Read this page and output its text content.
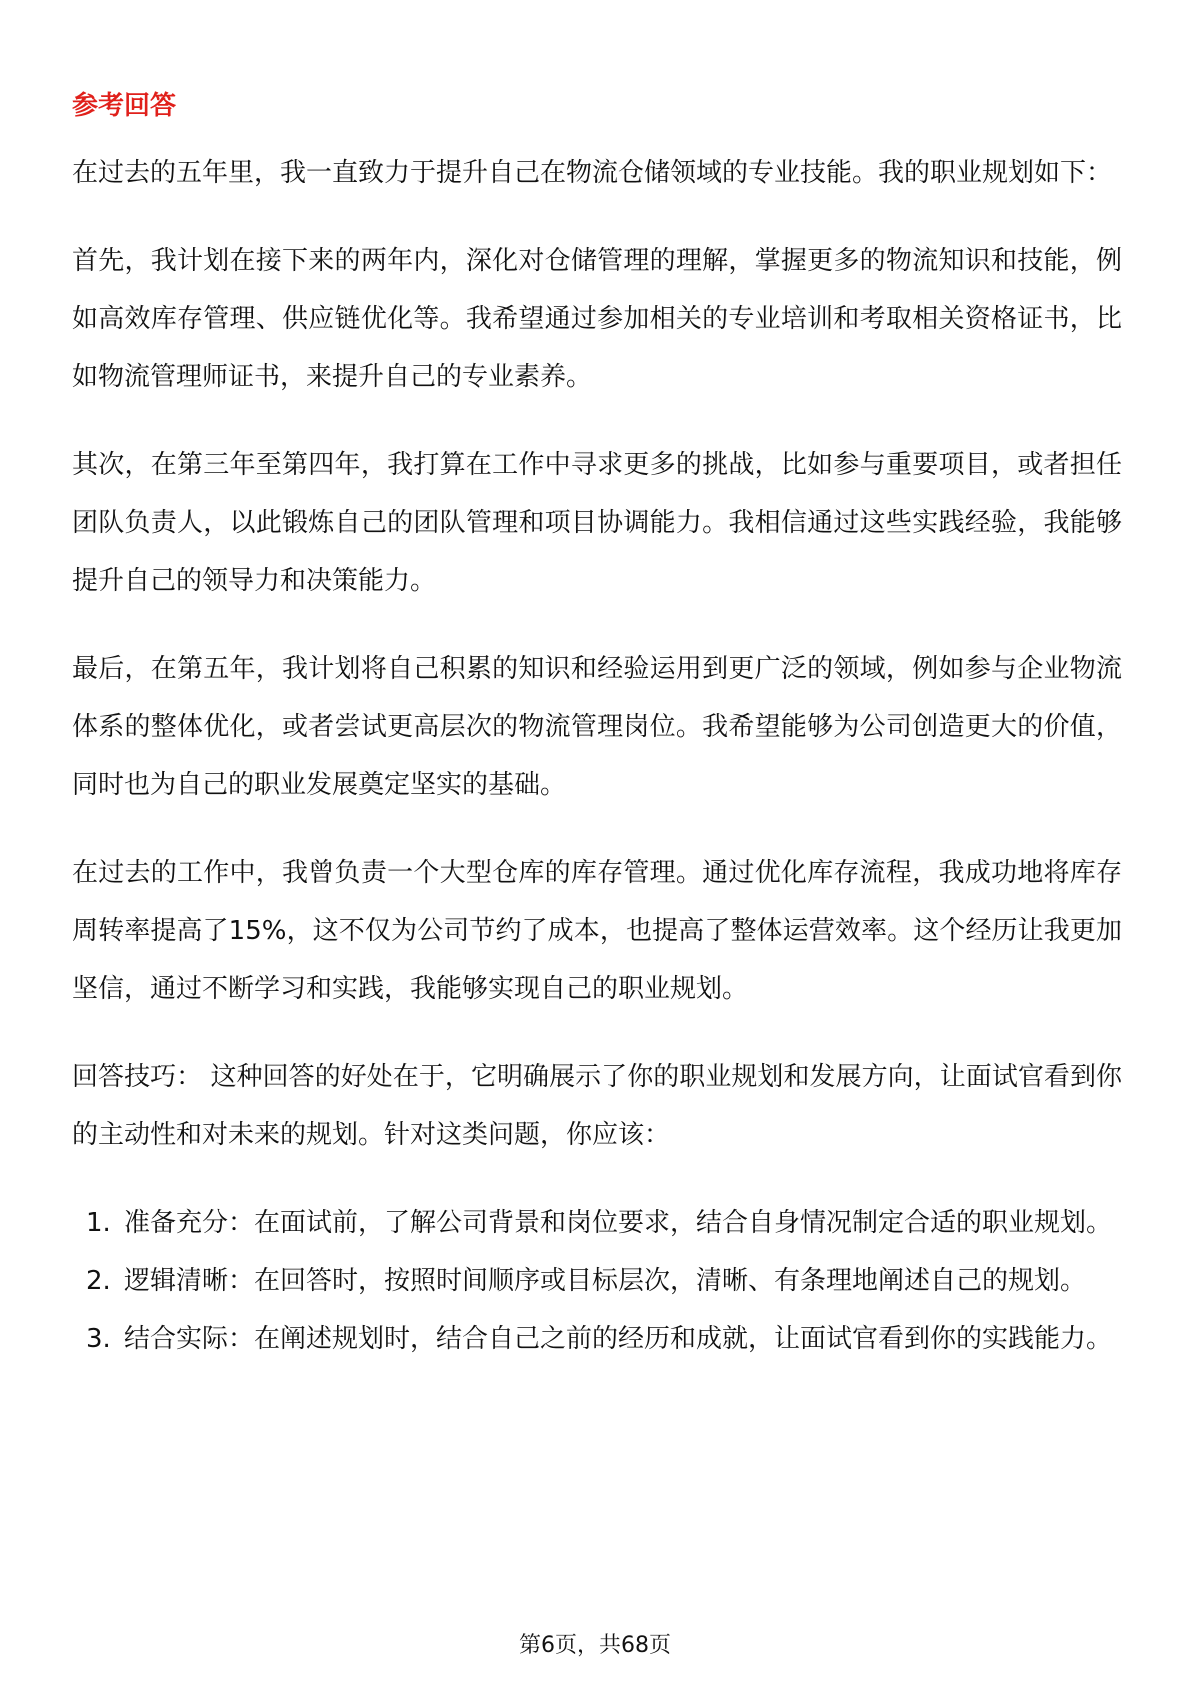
参考回答

在过去的五年里，我一直致力于提升自己在物流仓储领域的专业技能。我的职业规划如下：

首先，我计划在接下来的两年内，深化对仓储管理的理解，掌握更多的物流知识和技能，例如高效库存管理、供应链优化等。我希望通过参加相关的专业培训和考取相关资格证书，比如物流管理师证书，来提升自己的专业素养。

其次，在第三年至第四年，我打算在工作中寻求更多的挑战，比如参与重要项目，或者担任团队负责人，以此锻炼自己的团队管理和项目协调能力。我相信通过这些实践经验，我能够提升自己的领导力和决策能力。

最后，在第五年，我计划将自己积累的知识和经验运用到更广泛的领域，例如参与企业物流体系的整体优化，或者尝试更高层次的物流管理岗位。我希望能够为公司创造更大的价值，同时也为自己的职业发展奠定坚实的基础。

在过去的工作中，我曾负责一个大型仓库的库存管理。通过优化库存流程，我成功地将库存周转率提高了15%，这不仅为公司节约了成本，也提高了整体运营效率。这个经历让我更加坚信，通过不断学习和实践，我能够实现自己的职业规划。

回答技巧： 这种回答的好处在于，它明确展示了你的职业规划和发展方向，让面试官看到你的主动性和对未来的规划。针对这类问题，你应该：

1. 准备充分：在面试前，了解公司背景和岗位要求，结合自身情况制定合适的职业规划。
2. 逻辑清晰：在回答时，按照时间顺序或目标层次，清晰、有条理地阐述自己的规划。
3. 结合实际：在阐述规划时，结合自己之前的经历和成就，让面试官看到你的实践能力。
第6页，共68页
